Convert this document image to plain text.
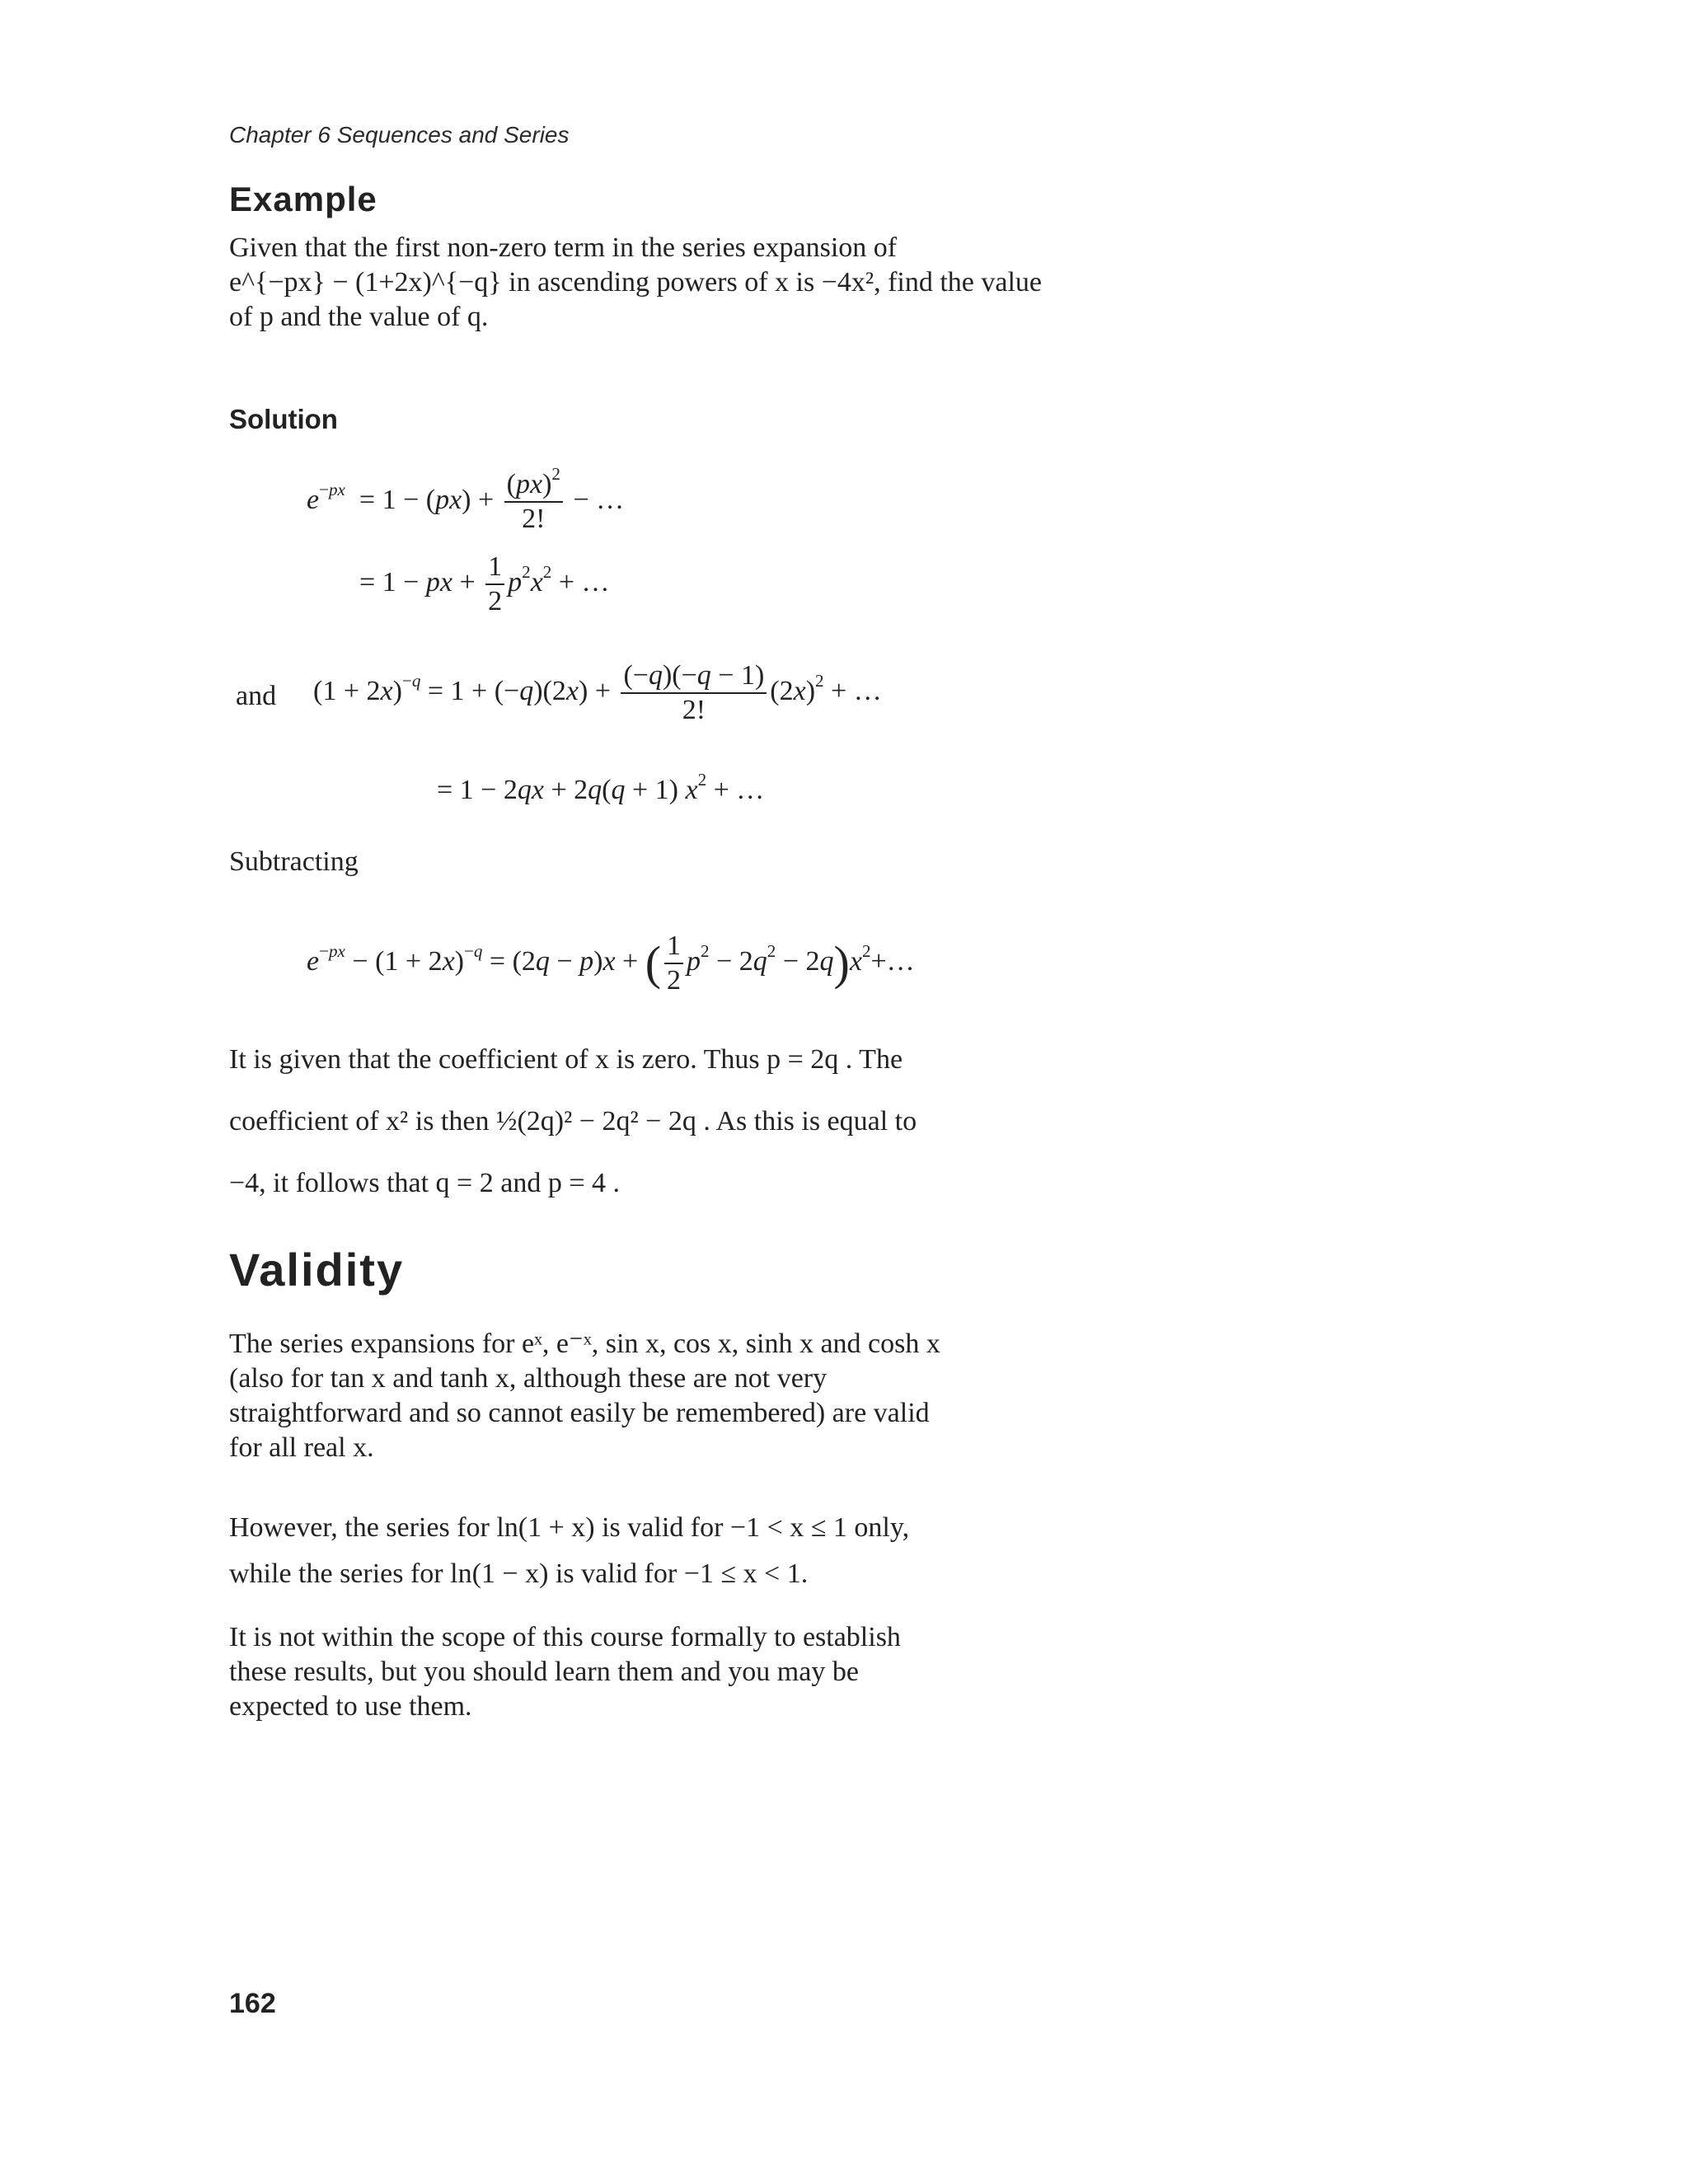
Chapter 6 Sequences and Series
Example
Given that the first non-zero term in the series expansion of
e^{−px} − (1+2x)^{−q} in ascending powers of x is −4x², find the value
of p and the value of q.
Solution
$e^{-px} = 1 - (px) + \frac{(px)^2}{2!}$ − …
= 1 − px + $\frac{1}{2} p^2x^2$ + …
and $(1 + 2x)^{-q} = 1 + (-q)(2x) + \frac{(-q)(-q - 1)}{2!} (2x)^2$ + …
= 1 − 2qx + 2q(q + 1) $x^2$ + …
Subtracting
$e^{-px} - (1 + 2x)^{-q} = (2q - p)x$ + ( $\frac{1}{2} p^2 - 2q^2$ − $2q)x^2+\dots$
It is given that the coefficient of x is zero. Thus p = 2q . The
coefficient of x² is then ½(2q)² − 2q² − 2q . As this is equal to
−4, it follows that q = 2 and p = 4 .
Validity
The series expansions for eˣ, e⁻ˣ, sin x, cos x, sinh x and cosh x
(also for tan x and tanh x, although these are not very
straightforward and so cannot easily be remembered) are valid
for all real x.
However, the series for ln(1 + x) is valid for −1 < x ≤ 1 only,
while the series for ln(1 − x) is valid for −1 ≤ x < 1.
It is not within the scope of this course formally to establish
these results, but you should learn them and you may be
expected to use them.
162
